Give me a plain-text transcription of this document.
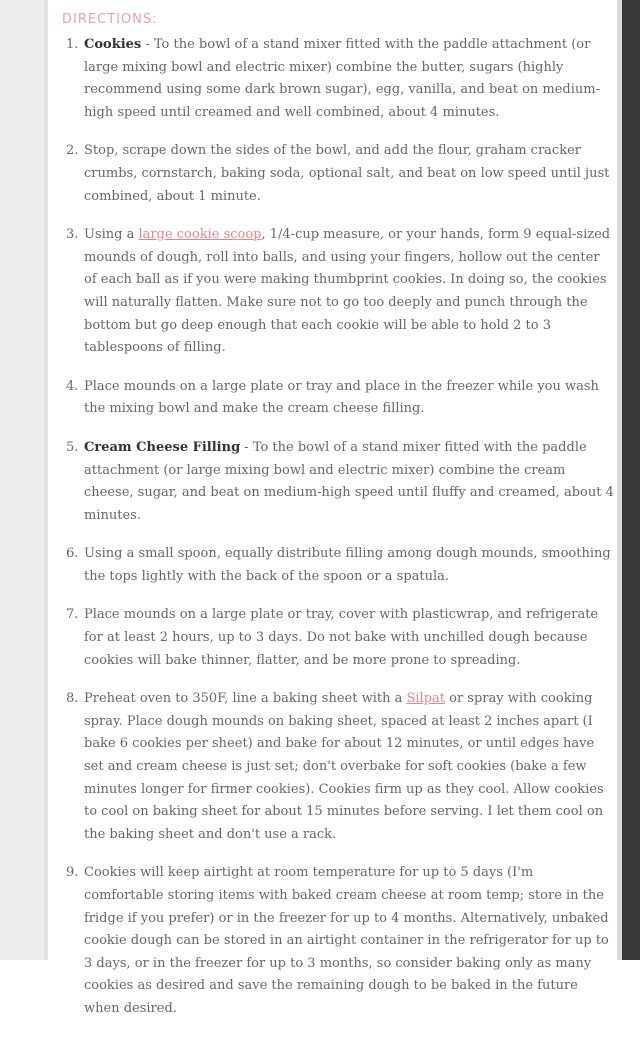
DIRECTIONS:
1. Cookies - To the bowl of a stand mixer fitted with the paddle attachment (or large mixing bowl and electric mixer) combine the butter, sugars (highly recommend using some dark brown sugar), egg, vanilla, and beat on medium-high speed until creamed and well combined, about 4 minutes.
2. Stop, scrape down the sides of the bowl, and add the flour, graham cracker crumbs, cornstarch, baking soda, optional salt, and beat on low speed until just combined, about 1 minute.
3. Using a large cookie scoop, 1/4-cup measure, or your hands, form 9 equal-sized mounds of dough, roll into balls, and using your fingers, hollow out the center of each ball as if you were making thumbprint cookies. In doing so, the cookies will naturally flatten. Make sure not to go too deeply and punch through the bottom but go deep enough that each cookie will be able to hold 2 to 3 tablespoons of filling.
4. Place mounds on a large plate or tray and place in the freezer while you wash the mixing bowl and make the cream cheese filling.
5. Cream Cheese Filling - To the bowl of a stand mixer fitted with the paddle attachment (or large mixing bowl and electric mixer) combine the cream cheese, sugar, and beat on medium-high speed until fluffy and creamed, about 4 minutes.
6. Using a small spoon, equally distribute filling among dough mounds, smoothing the tops lightly with the back of the spoon or a spatula.
7. Place mounds on a large plate or tray, cover with plasticwrap, and refrigerate for at least 2 hours, up to 3 days. Do not bake with unchilled dough because cookies will bake thinner, flatter, and be more prone to spreading.
8. Preheat oven to 350F, line a baking sheet with a Silpat or spray with cooking spray. Place dough mounds on baking sheet, spaced at least 2 inches apart (I bake 6 cookies per sheet) and bake for about 12 minutes, or until edges have set and cream cheese is just set; don't overbake for soft cookies (bake a few minutes longer for firmer cookies). Cookies firm up as they cool. Allow cookies to cool on baking sheet for about 15 minutes before serving. I let them cool on the baking sheet and don't use a rack.
9. Cookies will keep airtight at room temperature for up to 5 days (I'm comfortable storing items with baked cream cheese at room temp; store in the fridge if you prefer) or in the freezer for up to 4 months. Alternatively, unbaked cookie dough can be stored in an airtight container in the refrigerator for up to 3 days, or in the freezer for up to 3 months, so consider baking only as many cookies as desired and save the remaining dough to be baked in the future when desired.
